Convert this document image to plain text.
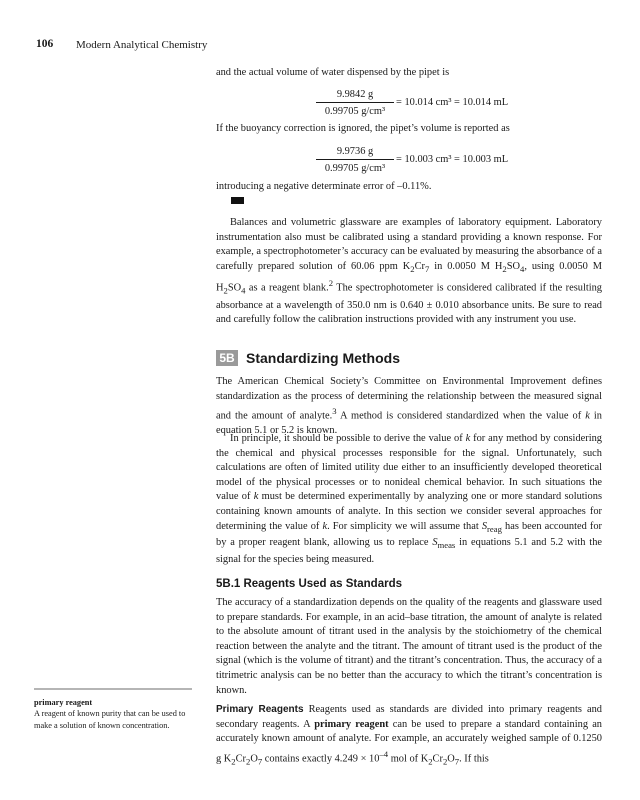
106 Modern Analytical Chemistry
and the actual volume of water dispensed by the pipet is
$\frac{9.9842 g}{\text{0.99705 g/cm³}} = 10.014$ cm³ = 10.014 mL
If the buoyancy correction is ignored, the pipet’s volume is reported as
$\frac{9.9736 g}{\text{0.99705 g/cm³}} = 10.003$ cm³ = 10.003 mL
introducing a negative determinate error of –0.11%.
Balances and volumetric glassware are examples of laboratory equipment. Laboratory instrumentation also must be calibrated using a standard providing a known response. For example, a spectrophotometer’s accuracy can be evaluated by measuring the absorbance of a carefully prepared solution of 60.06 ppm $K_2Cr_7$ in 0.0050 M $H_2SO_4$, using 0.0050 M $H_2SO_4$ as a reagent blank.$^2$ The spectrophotometer is considered calibrated if the resulting absorbance at a wavelength of 350.0 nm is 0.640 ± 0.010 absorbance units. Be sure to read and carefully follow the calibration instructions provided with any instrument you use.
5B Standardizing Methods
The American Chemical Society’s Committee on Environmental Improvement defines standardization as the process of determining the relationship between the measured signal and the amount of analyte.$^3$ A method is considered standardized when the value of k in equation 5.1 or 5.2 is known.
In principle, it should be possible to derive the value of k for any method by considering the chemical and physical processes responsible for the signal. Unfortunately, such calculations are often of limited utility due either to an insufficiently developed theoretical model of the physical processes or to nonideal chemical behavior. In such situations the value of k must be determined experimentally by analyzing one or more standard solutions containing known amounts of analyte. In this section we consider several approaches for determining the value of k. For simplicity we will assume that $S_{reag}$ has been accounted for by a proper reagent blank, allowing us to replace $S_{meas}$ in equations 5.1 and 5.2 with the signal for the species being measured.
5B.1 Reagents Used as Standards
The accuracy of a standardization depends on the quality of the reagents and glassware used to prepare standards. For example, in an acid–base titration, the amount of analyte is related to the absolute amount of titrant used in the analysis by the stoichiometry of the chemical reaction between the analyte and the titrant. The amount of titrant used is the product of the signal (which is the volume of titrant) and the titrant’s concentration. Thus, the accuracy of a titrimetric analysis can be no better than the accuracy to which the titrant’s concentration is known.
Primary Reagents Reagents used as standards are divided into primary reagents and secondary reagents. A primary reagent can be used to prepare a standard containing an accurately known amount of analyte. For example, an accurately weighed sample of 0.1250 g $K_2Cr_2O_7$ contains exactly $4.249 \times 10^{-4}$ mol of $K_2Cr_2O_7$. If this
primary reagent
A reagent of known purity that can be used to make a solution of known concentration.
